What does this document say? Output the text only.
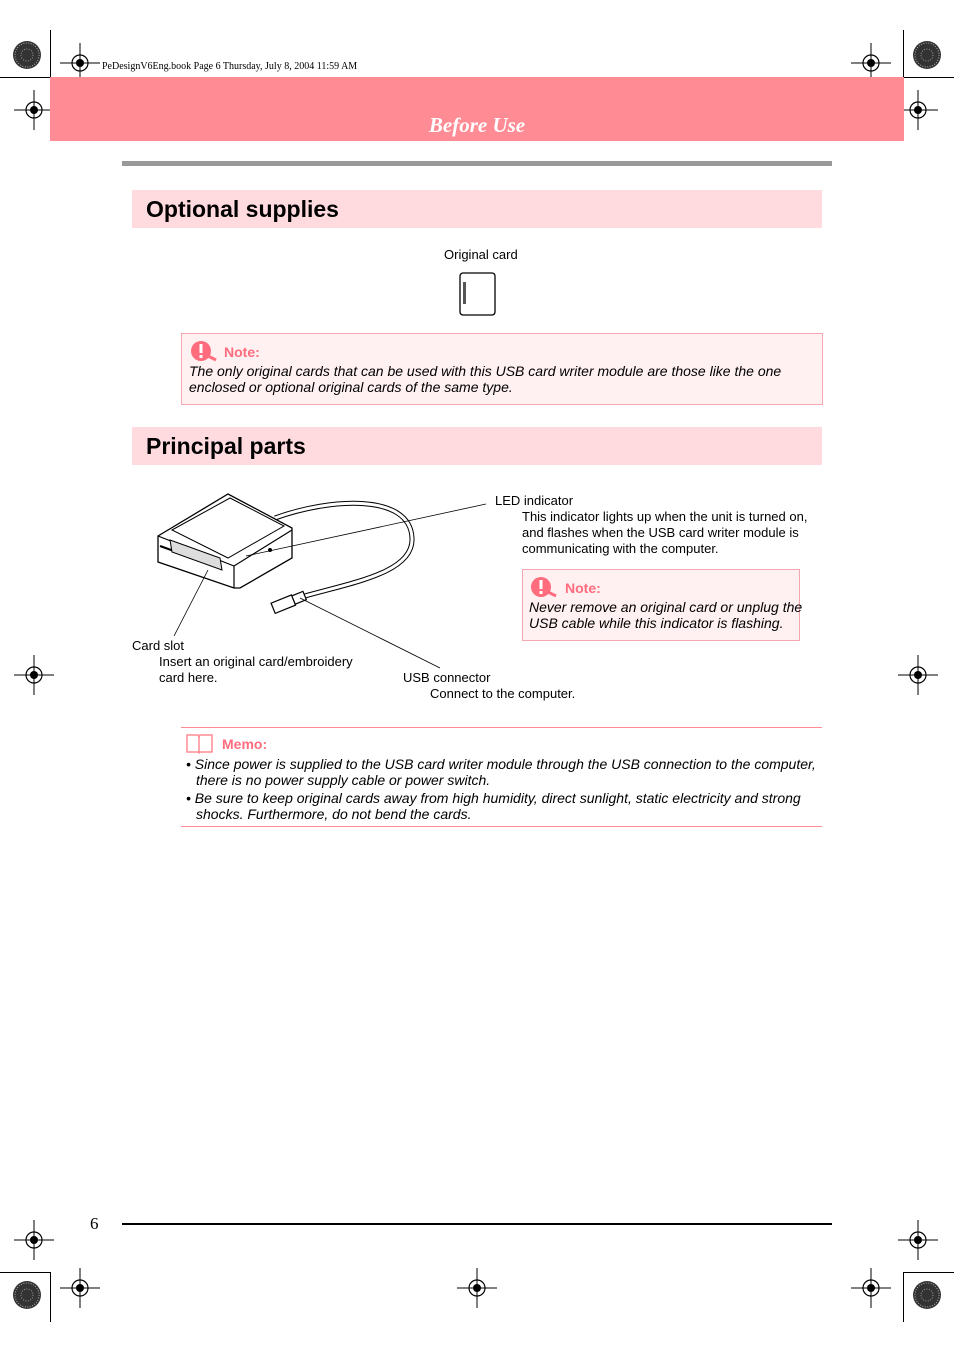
PeDesignV6Eng.book Page 6 Thursday, July 8, 2004 11:59 AM
Before Use
Optional supplies
Original card
Note:
The only original cards that can be used with this USB card writer module are those like the one enclosed or optional original cards of the same type.
Principal parts
LED indicator
This indicator lights up when the unit is turned on,
and flashes when the USB card writer module is
communicating with the computer.
Note:
Never remove an original card or unplug the
USB cable while this indicator is flashing.
Card slot
Insert an original card/embroidery
card here.	USB connector
Connect to the computer.
Memo:
• Since power is supplied to the USB card writer module through the USB connection to the computer,
there is no power supply cable or power switch.
• Be sure to keep original cards away from high humidity, direct sunlight, static electricity and strong
shocks. Furthermore, do not bend the cards.
6
